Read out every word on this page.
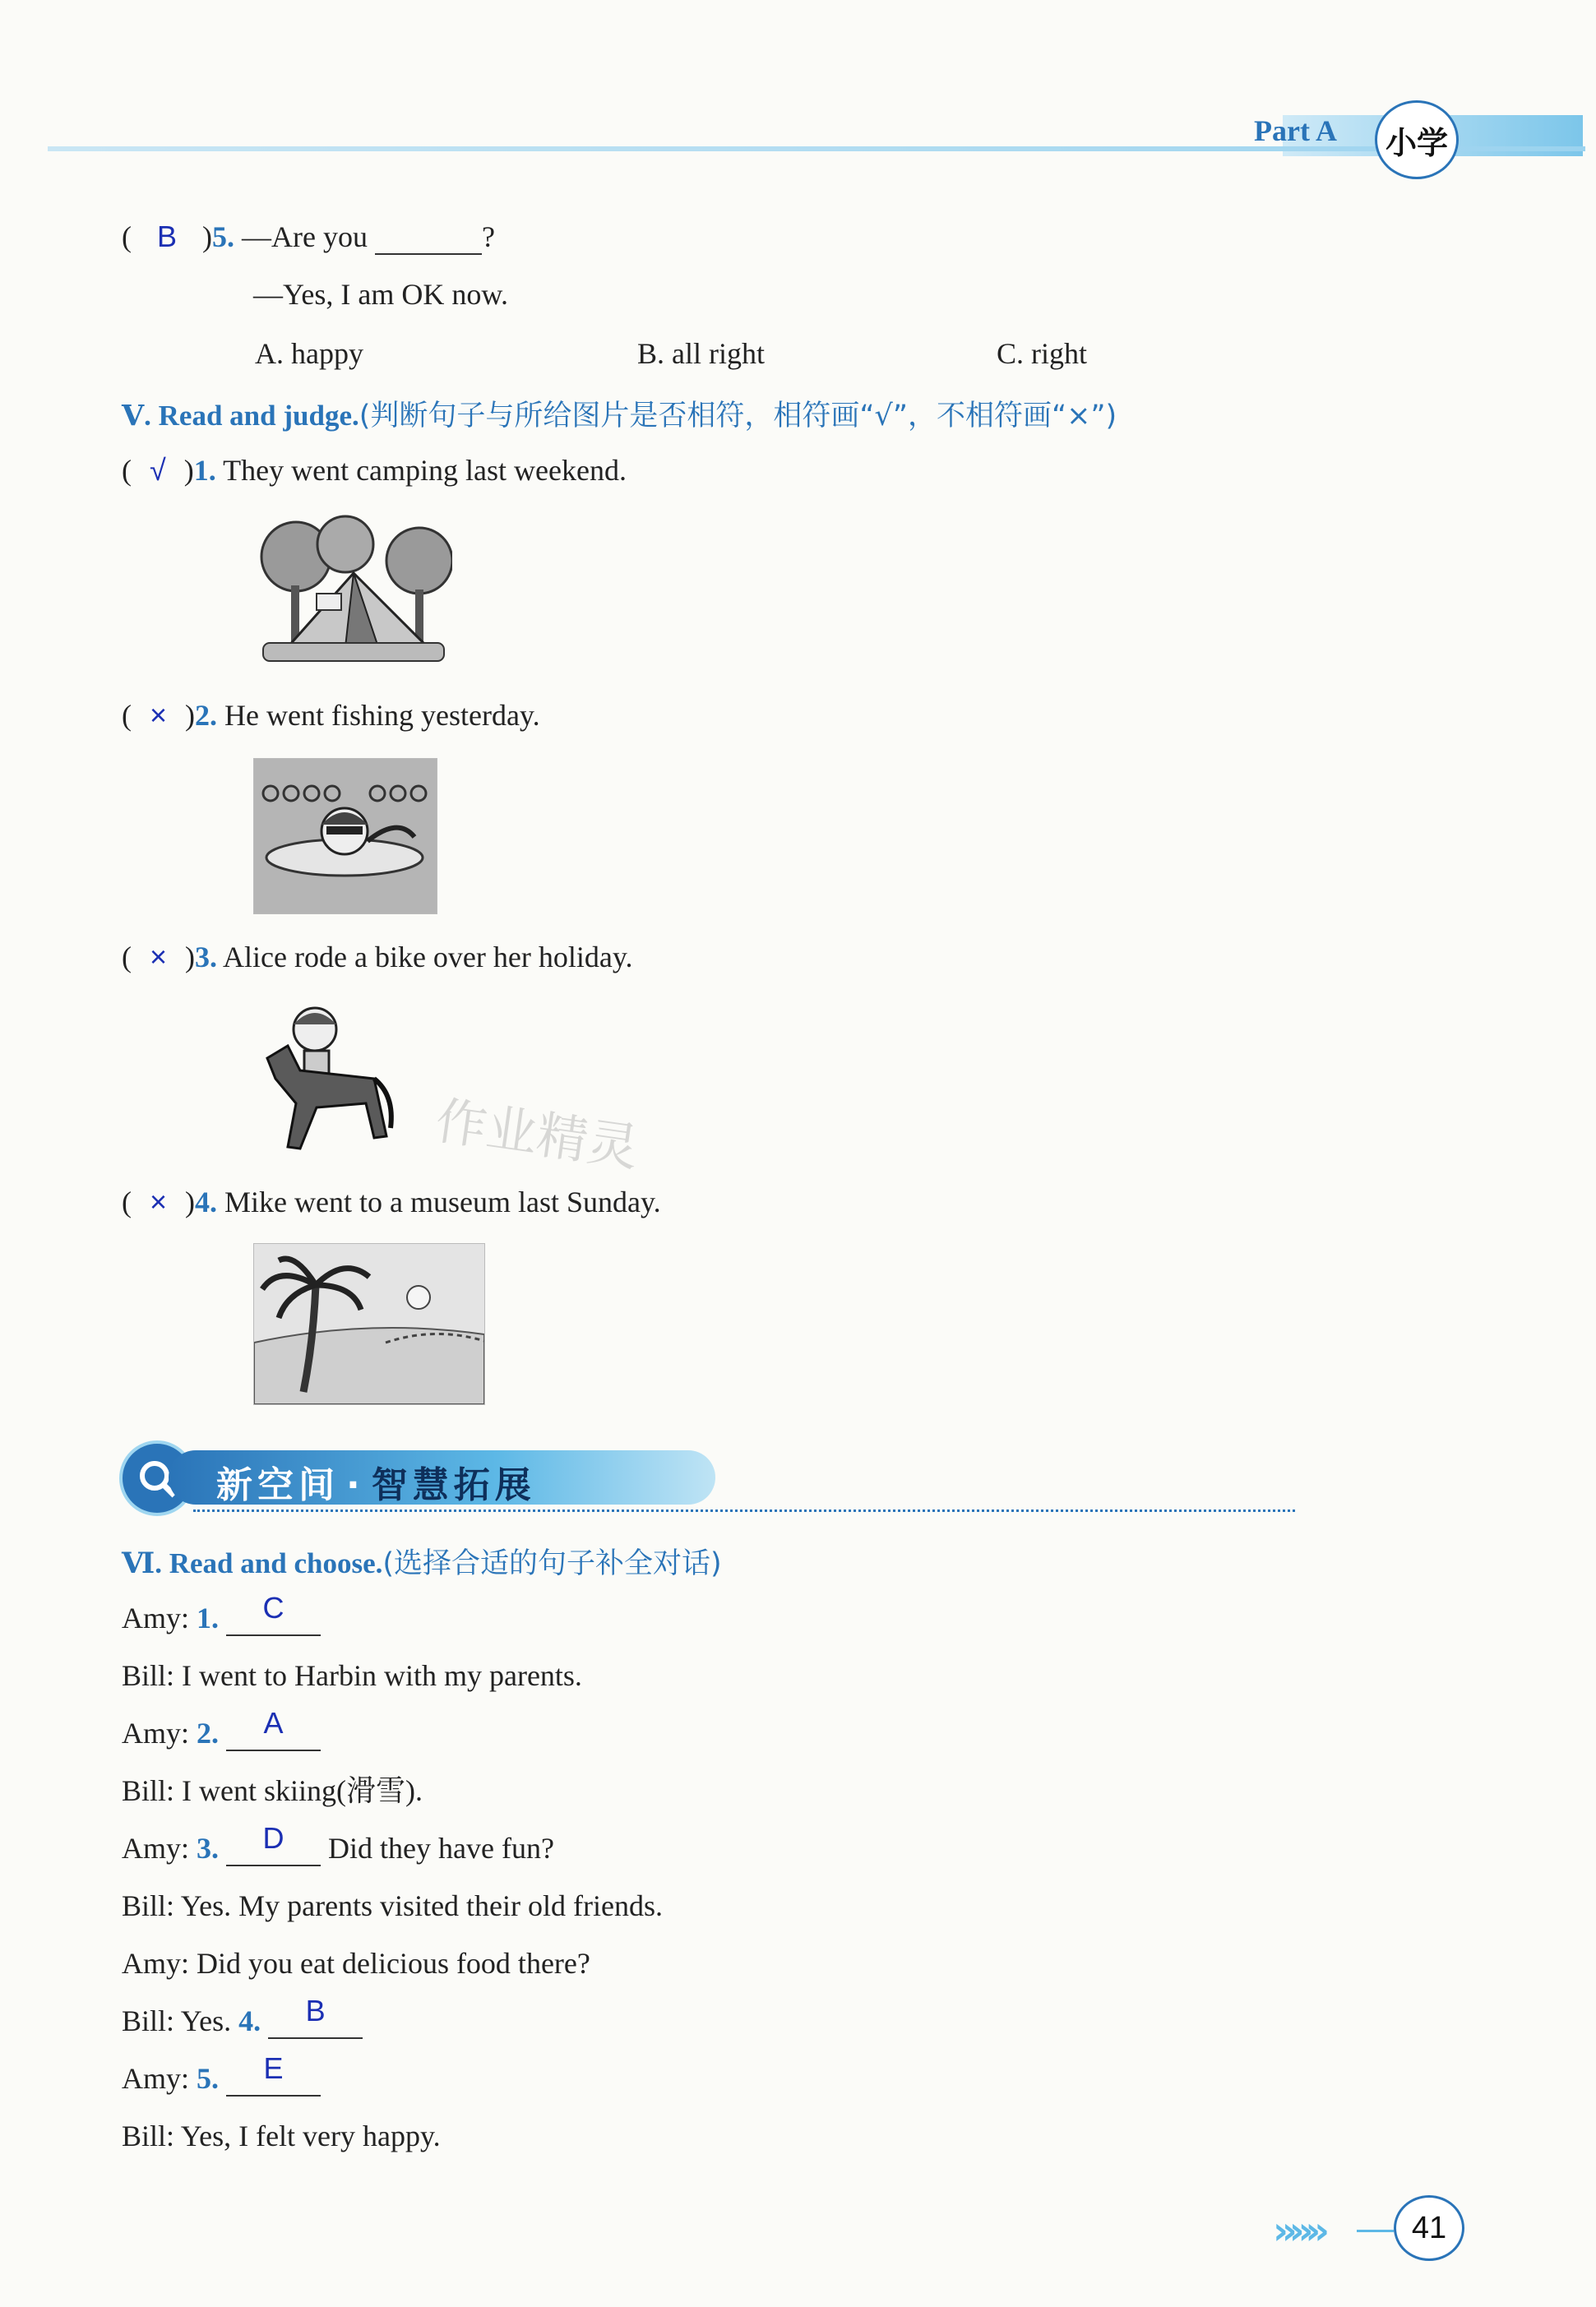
Part A 小学
( B )5. —Are you	?
—Yes, I am OK now.
A. happy	B. all right	C. right
Ⅴ. Read and judge.(判断句子与所给图片是否相符，相符画“√”，不相符画“×”)
( √ )1. They went camping last weekend.
( × )2. He went fishing yesterday.
( × )3. Alice rode a bike over her holiday.
作业精灵
( × )4. Mike went to a museum last Sunday.
新空间 · 智慧拓展
Ⅵ. Read and choose.(选择合适的句子补全对话)
Amy: 1. C
Bill: I went to Harbin with my parents.
Amy: 2. A
Bill: I went skiing(滑雪).
Amy: 3. D Did they have fun?
Bill: Yes. My parents visited their old friends.
Amy: Did you eat delicious food there?
Bill: Yes. 4. B
Amy: 5. E
Bill: Yes, I felt very happy.
»»»	41
